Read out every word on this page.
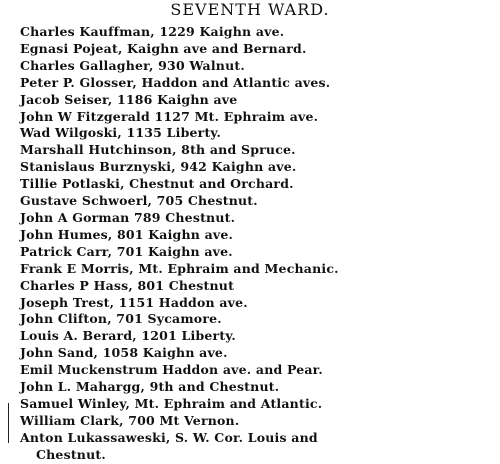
SEVENTH WARD.
Charles Kauffman, 1229 Kaighn ave.
Egnasi Pojeat, Kaighn ave and Bernard.
Charles Gallagher, 930 Walnut.
Peter P. Glosser, Haddon and Atlantic aves.
Jacob Seiser, 1186 Kaighn ave
John W Fitzgerald 1127 Mt. Ephraim ave.
Wad Wilgoski, 1135 Liberty.
Marshall Hutchinson, 8th and Spruce.
Stanislaus Burznyski, 942 Kaighn ave.
Tillie Potlaski, Chestnut and Orchard.
Gustave Schwoerl, 705 Chestnut.
John A Gorman 789 Chestnut.
John Humes, 801 Kaighn ave.
Patrick Carr, 701 Kaighn ave.
Frank E Morris, Mt. Ephraim and Mechanic.
Charles P Hass, 801 Chestnut
Joseph Trest, 1151 Haddon ave.
John Clifton, 701 Sycamore.
Louis A. Berard, 1201 Liberty.
John Sand, 1058 Kaighn ave.
Emil Muckenstrum Haddon ave. and Pear.
John L. Mahargg, 9th and Chestnut.
Samuel Winley, Mt. Ephraim and Atlantic.
William Clark, 700 Mt Vernon.
Anton Lukassaweski, S. W. Cor. Louis and
Chestnut.
